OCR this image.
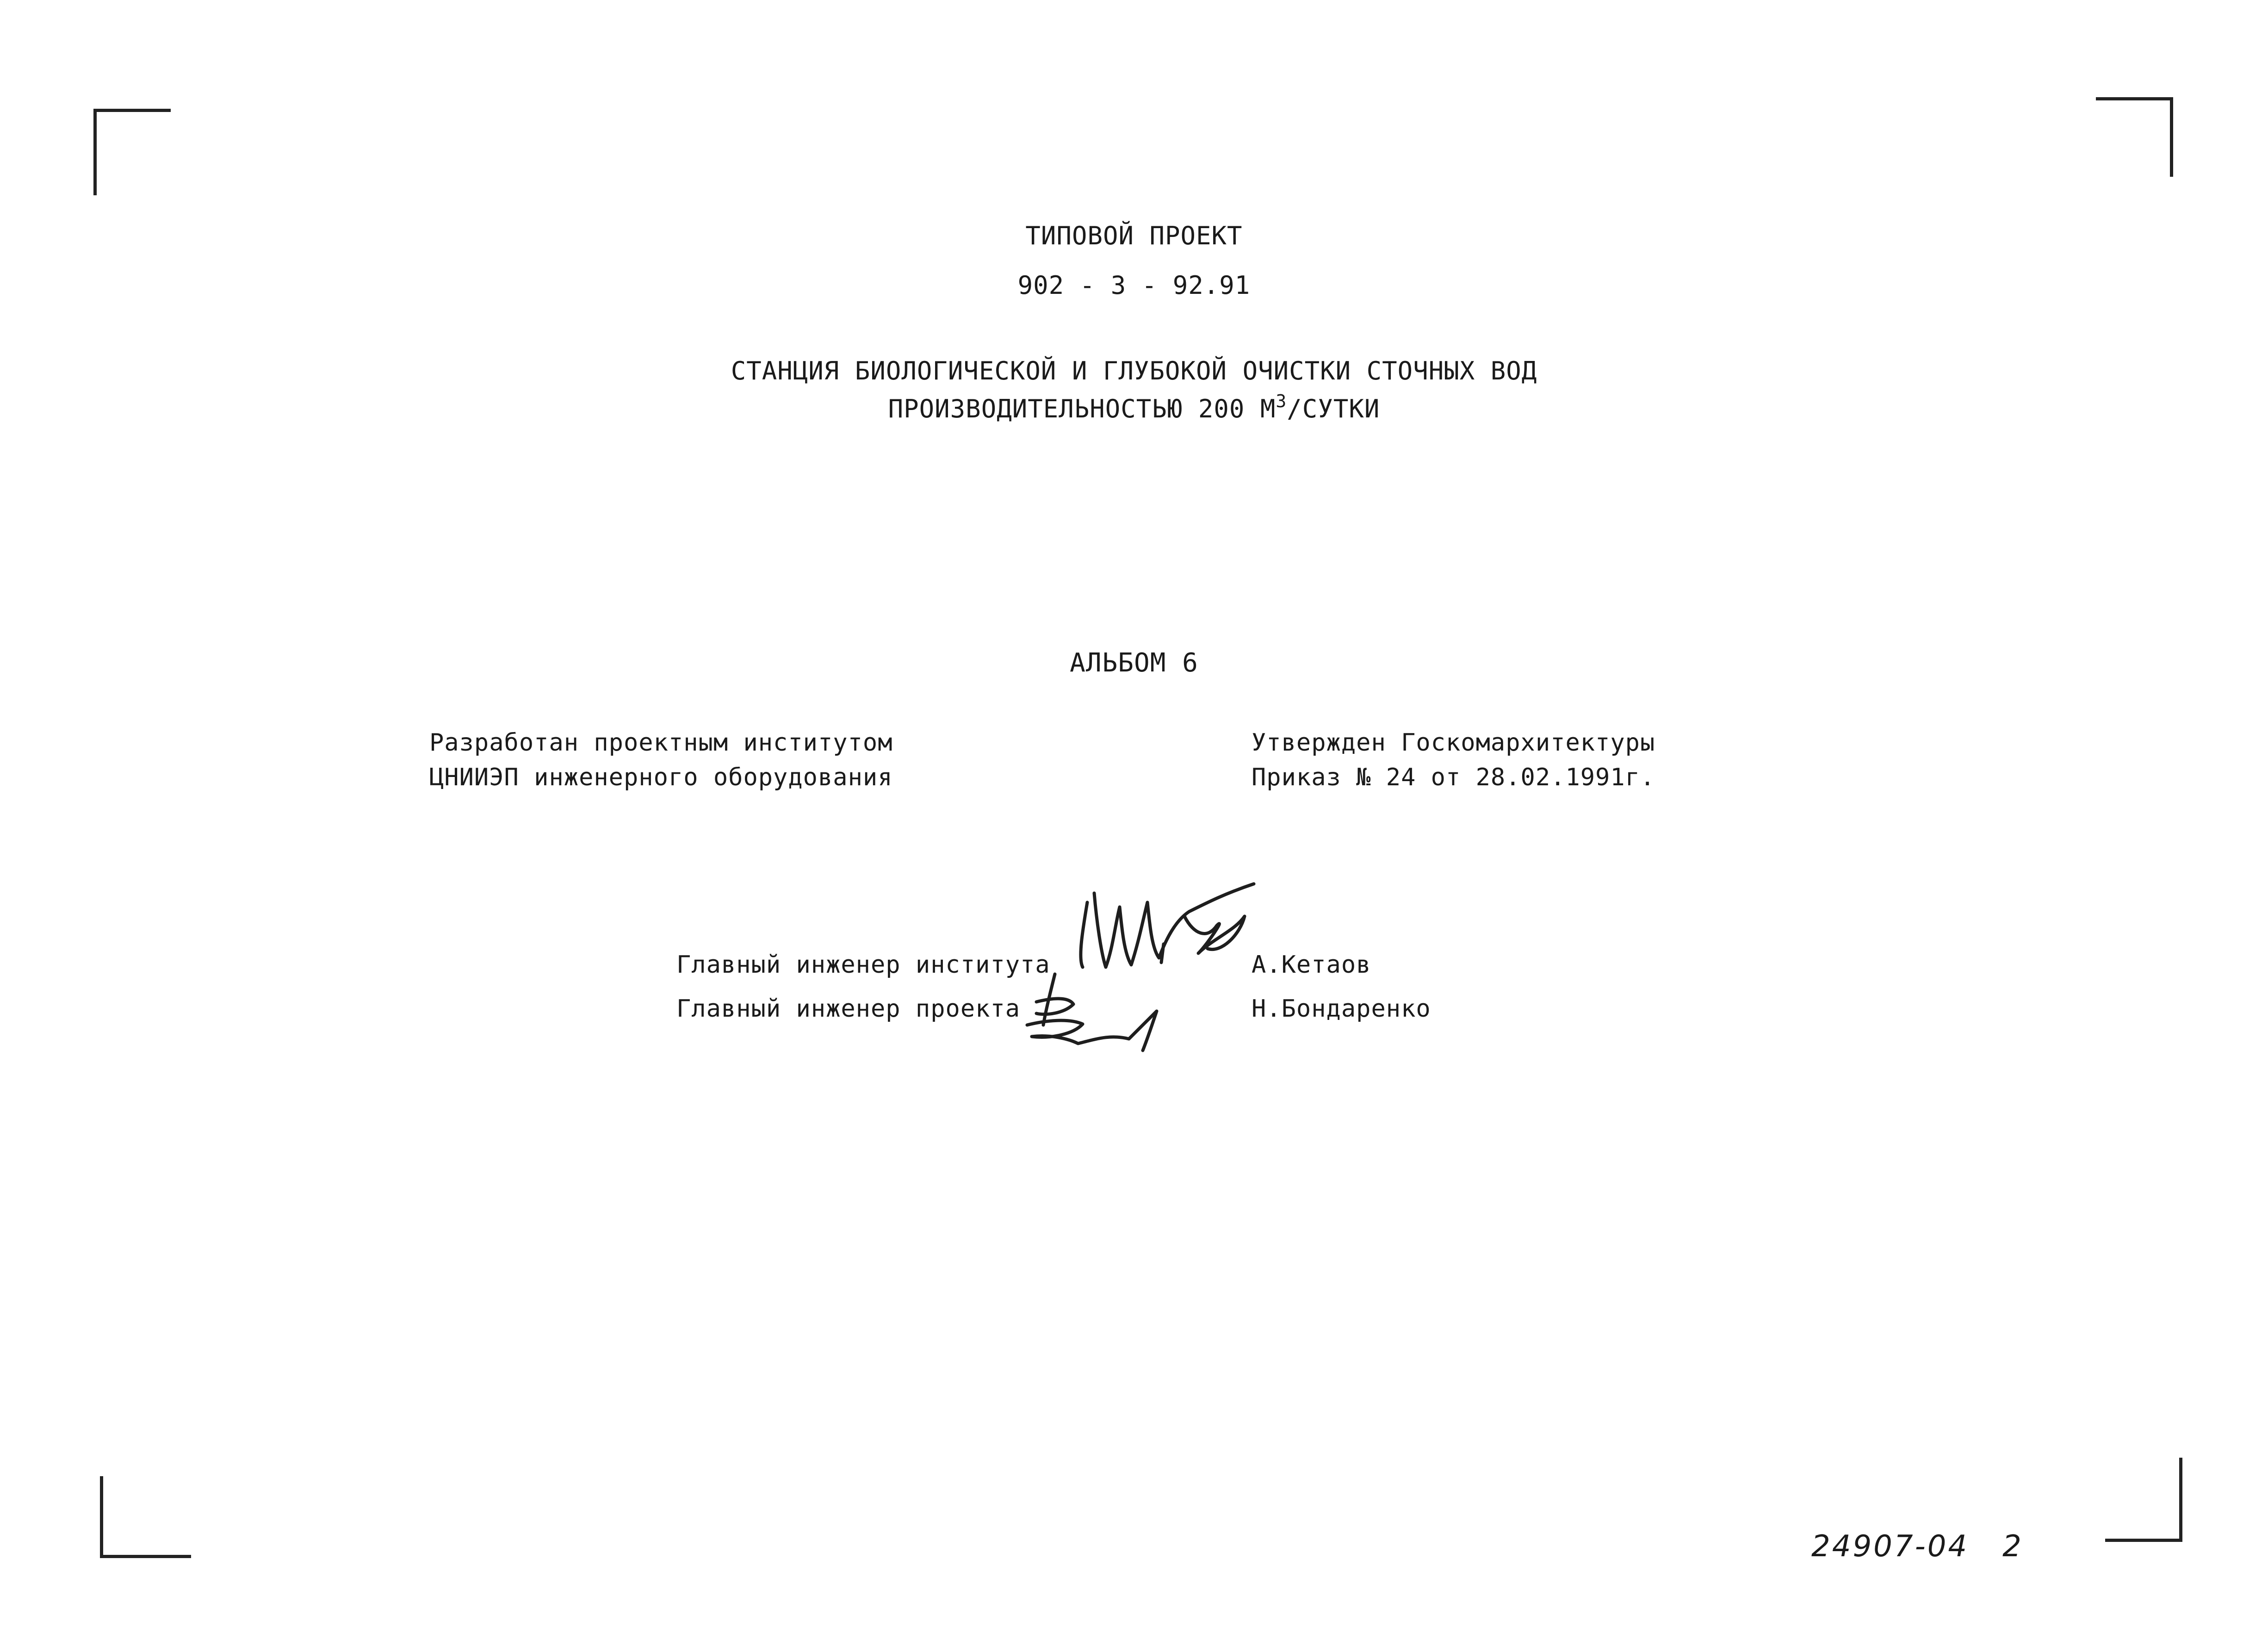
ТИПОВОЙ ПРОЕКТ
902 - 3 - 92.91
СТАНЦИЯ БИОЛОГИЧЕСКОЙ И ГЛУБОКОЙ ОЧИСТКИ СТОЧНЫХ ВОД
ПРОИЗВОДИТЕЛЬНОСТЬЮ 200 $М^3$/СУТКИ
АЛЬБОМ 6
Разработан проектным институтом
ЦНИИЭП инженерного оборудования
Утвержден Госкомархитектуры
Приказ № 24 от 28.02.1991г.
Главный инженер института	А.Кетаов
Главный инженер проекта	Н.Бондаренко
24907-04 2
